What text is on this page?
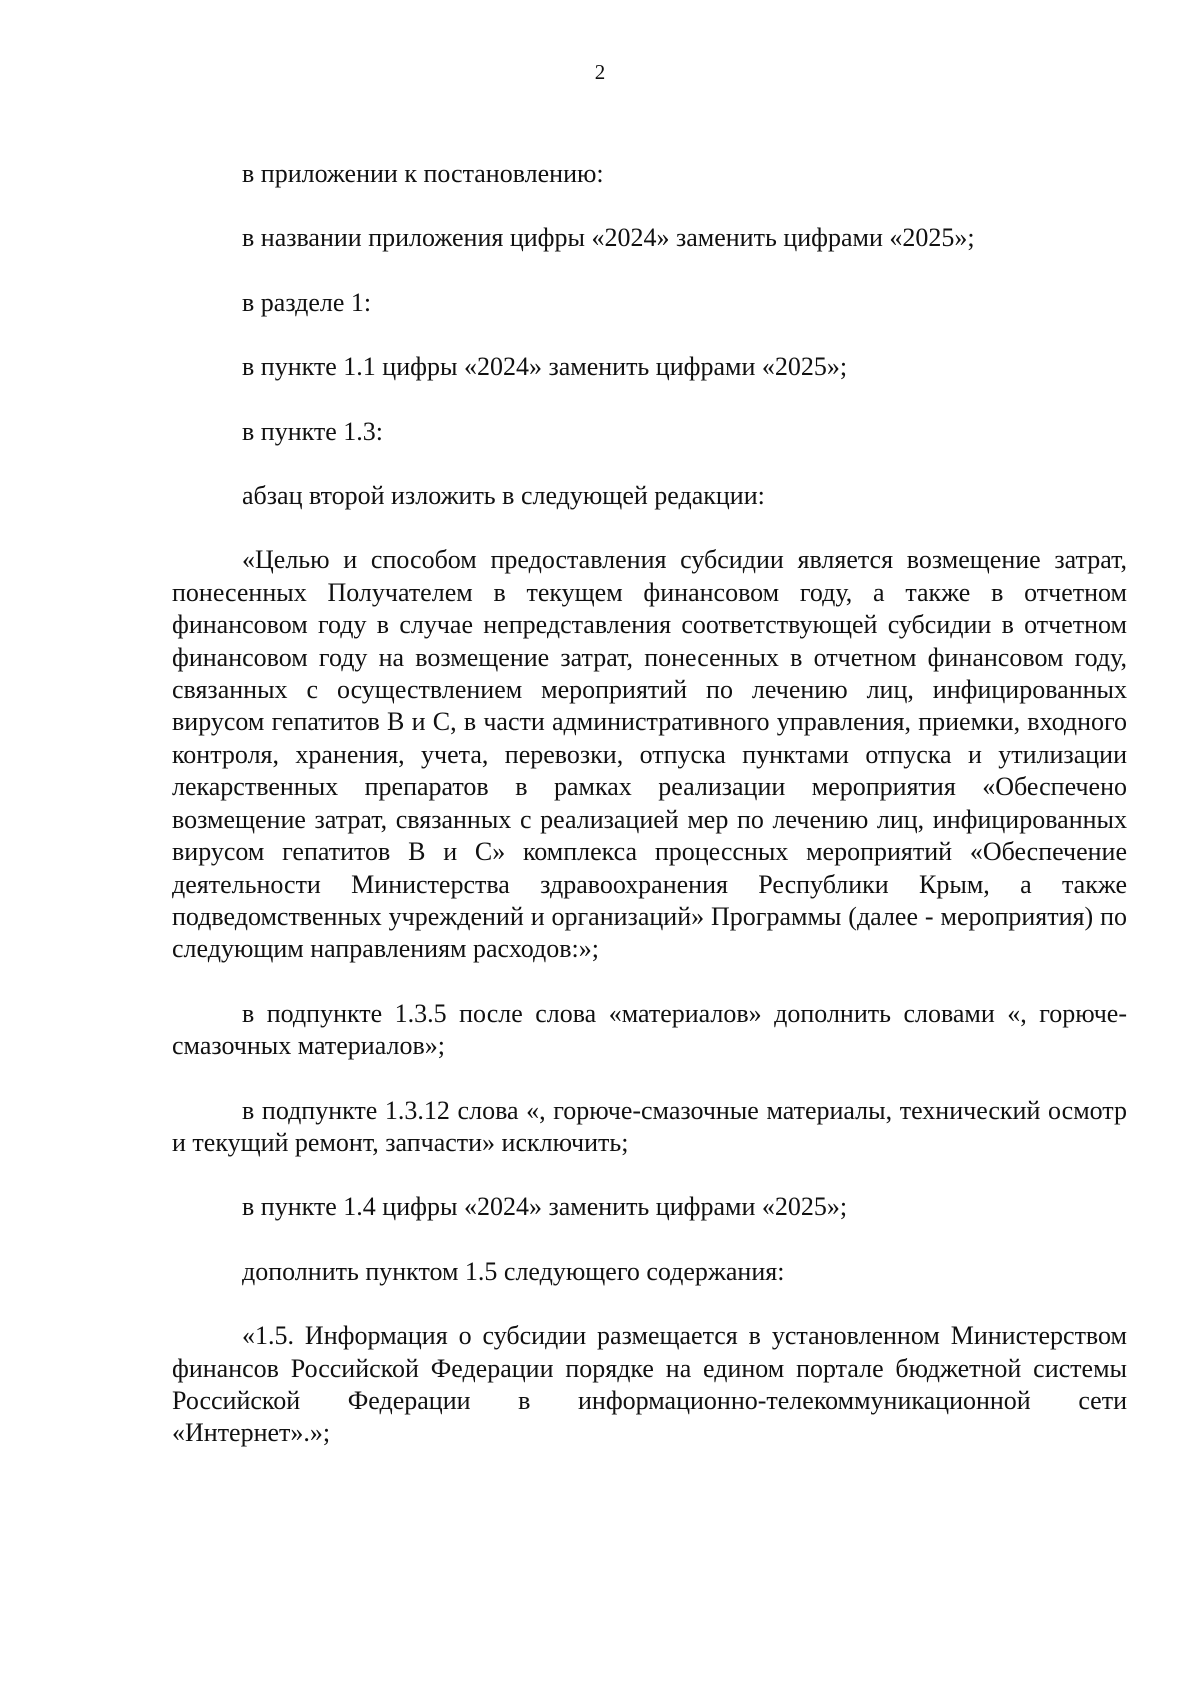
2

в приложении к постановлению:

в названии приложения цифры «2024» заменить цифрами «2025»;

в разделе 1:

в пункте 1.1 цифры «2024» заменить цифрами «2025»;

в пункте 1.3:

абзац второй изложить в следующей редакции:

«Целью и способом предоставления субсидии является возмещение затрат, понесенных Получателем в текущем финансовом году, а также в отчетном финансовом году в случае непредставления соответствующей субсидии в отчетном финансовом году на возмещение затрат, понесенных в отчетном финансовом году, связанных с осуществлением мероприятий по лечению лиц, инфицированных вирусом гепатитов В и С, в части административного управления, приемки, входного контроля, хранения, учета, перевозки, отпуска пунктами отпуска и утилизации лекарственных препаратов в рамках реализации мероприятия «Обеспечено возмещение затрат, связанных с реализацией мер по лечению лиц, инфицированных вирусом гепатитов В и С» комплекса процессных мероприятий «Обеспечение деятельности Министерства здравоохранения Республики Крым, а также подведомственных учреждений и организаций» Программы (далее - мероприятия) по следующим направлениям расходов:»;

в подпункте 1.3.5 после слова «материалов» дополнить словами «, горюче-смазочных материалов»;

в подпункте 1.3.12 слова «, горюче-смазочные материалы, технический осмотр и текущий ремонт, запчасти» исключить;

в пункте 1.4 цифры «2024» заменить цифрами «2025»;

дополнить пунктом 1.5 следующего содержания:

«1.5. Информация о субсидии размещается в установленном Министерством финансов Российской Федерации порядке на едином портале бюджетной системы Российской Федерации в информационно-телекоммуникационной сети «Интернет».»;
